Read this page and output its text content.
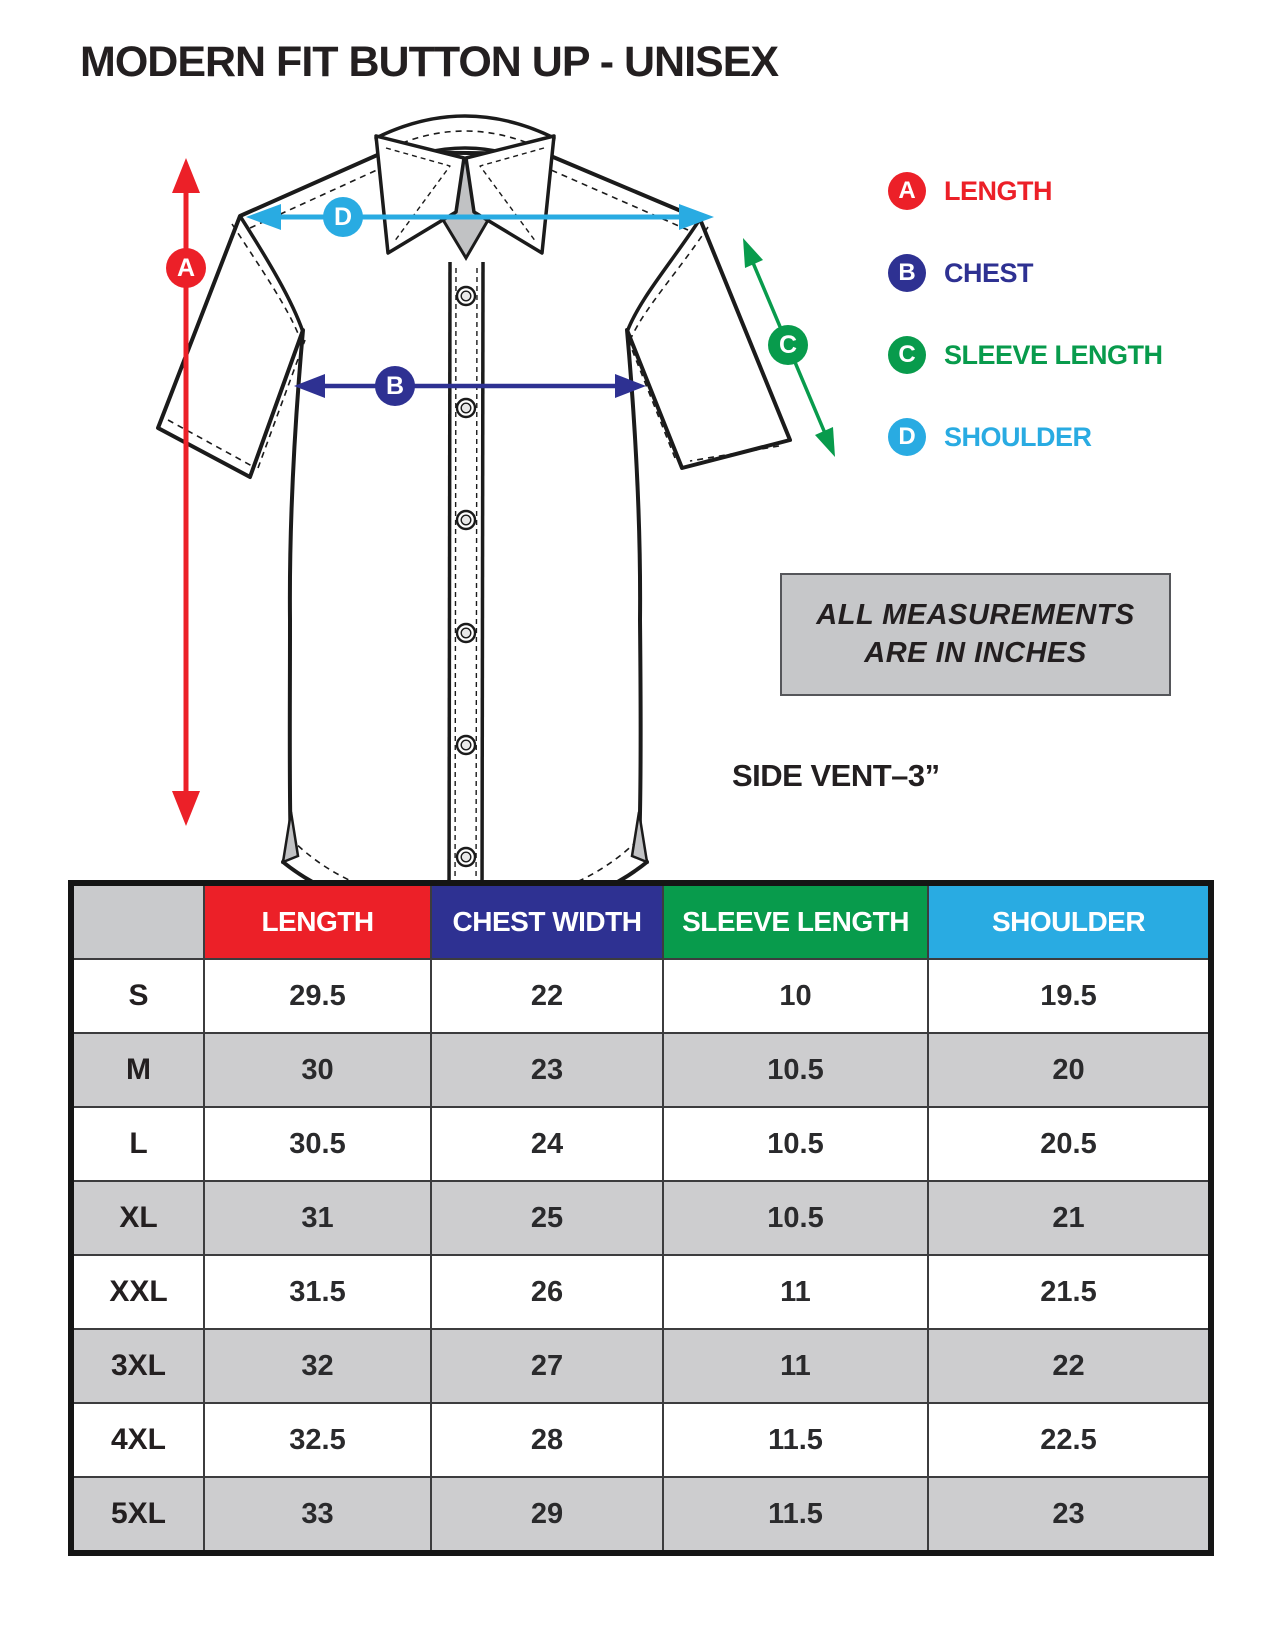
MODERN FIT BUTTON UP - UNISEX
A
B
C
D
A	LENGTH
B	CHEST
C	SLEEVE LENGTH
D	SHOULDER
ALL MEASUREMENTS
ARE IN INCHES
SIDE VENT–3”
	LENGTH	CHEST WIDTH	SLEEVE LENGTH	SHOULDER
S	29.5	22	10	19.5
M	30	23	10.5	20
L	30.5	24	10.5	20.5
XL	31	25	10.5	21
XXL	31.5	26	11	21.5
3XL	32	27	11	22
4XL	32.5	28	11.5	22.5
5XL	33	29	11.5	23
